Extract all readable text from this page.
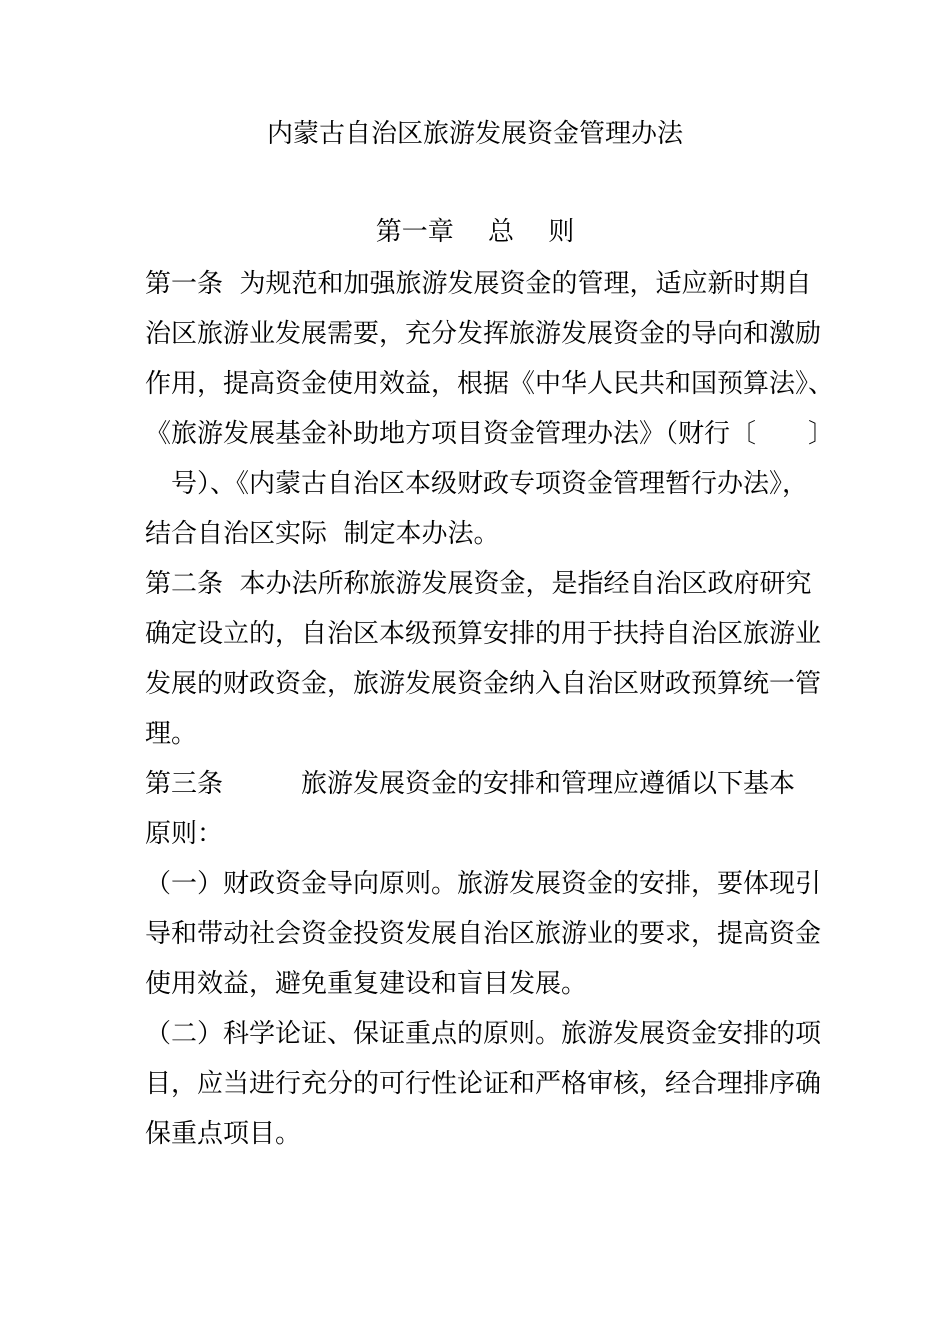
内蒙古自治区旅游发展资金管理办法
第一章　 总　 则
第一条  为规范和加强旅游发展资金的管理，适应新时期自
治区旅游业发展需要，充分发挥旅游发展资金的导向和激励
作用，提高资金使用效益，根据《中华人民共和国预算法》、
《旅游发展基金补助地方项目资金管理办法》（财行〔　　〕
　号）、《内蒙古自治区本级财政专项资金管理暂行办法》，
结合自治区实际  制定本办法。
第二条  本办法所称旅游发展资金，是指经自治区政府研究
确定设立的，自治区本级预算安排的用于扶持自治区旅游业
发展的财政资金，旅游发展资金纳入自治区财政预算统一管
理。
第三条　　　旅游发展资金的安排和管理应遵循以下基本
原则：
（一）财政资金导向原则。旅游发展资金的安排，要体现引
导和带动社会资金投资发展自治区旅游业的要求，提高资金
使用效益，避免重复建设和盲目发展。
（二）科学论证、保证重点的原则。旅游发展资金安排的项
目，应当进行充分的可行性论证和严格审核，经合理排序确
保重点项目。
